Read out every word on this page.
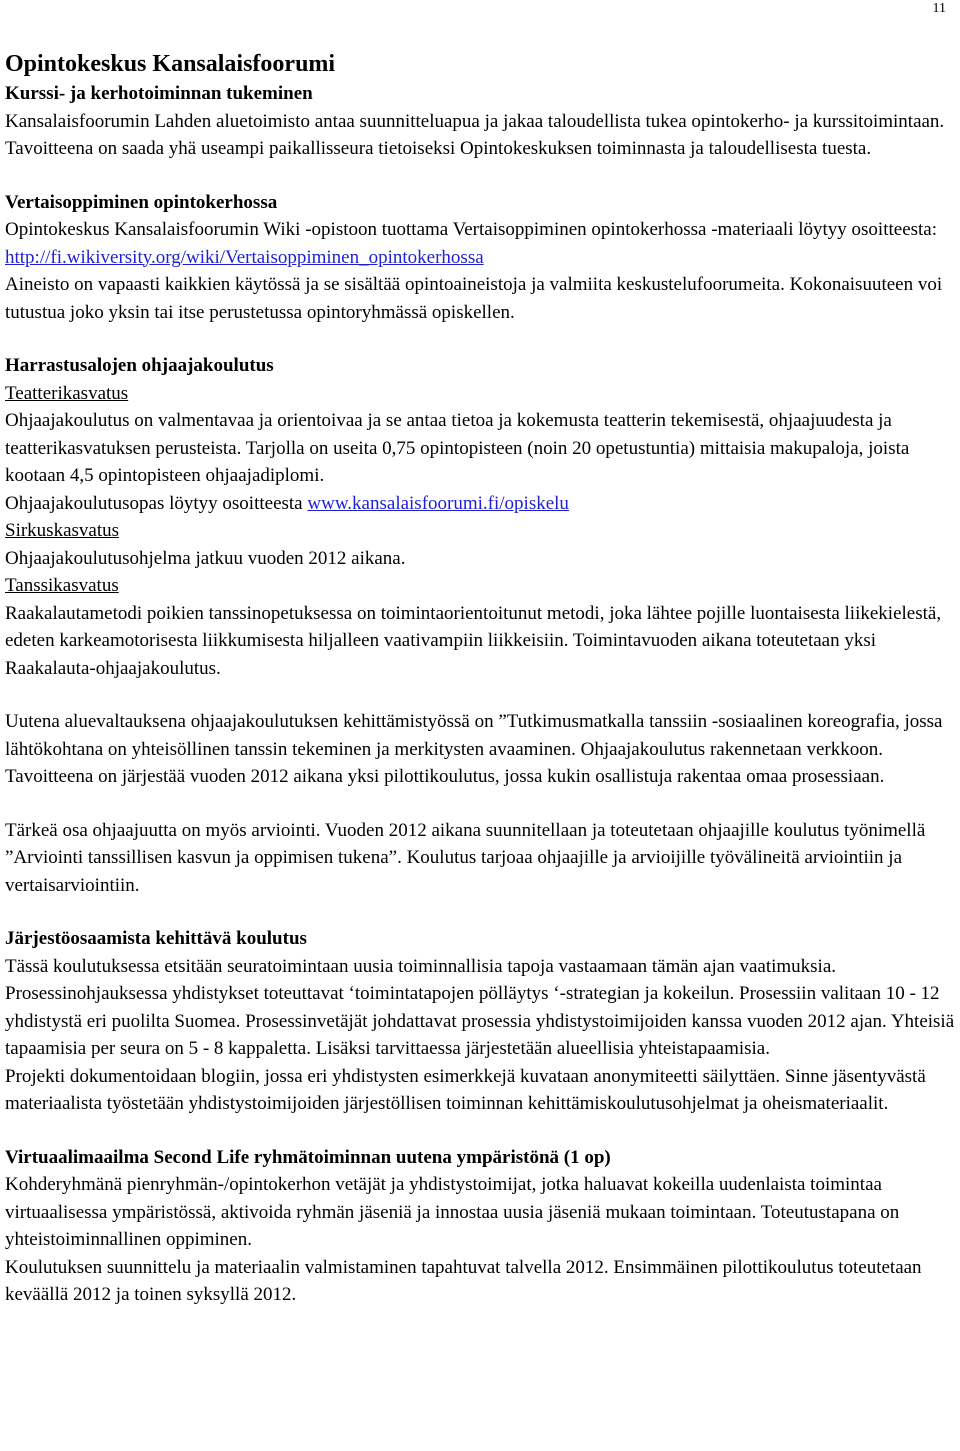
11
Opintokeskus Kansalaisfoorumi

Kurssi- ja kerhotoiminnan tukeminen

Kansalaisfoorumin Lahden aluetoimisto antaa suunnitteluapua ja jakaa taloudellista tukea opintokerho- ja kurssitoimintaan. Tavoitteena on saada yhä useampi paikallisseura tietoiseksi Opintokeskuksen toiminnasta ja taloudellisesta tuesta.

Vertaisoppiminen opintokerhossa

Opintokeskus Kansalaisfoorumin Wiki -opistoon tuottama Vertaisoppiminen opintokerhossa -materiaali löytyy osoitteesta: http://fi.wikiversity.org/wiki/Vertaisoppiminen_opintokerhossa

Aineisto on vapaasti kaikkien käytössä ja se sisältää opintoaineistoja ja valmiita keskustelufoorumeita. Kokonaisuuteen voi tutustua joko yksin tai itse perustetussa opintoryhmässä opiskellen.

Harrastusalojen ohjaajakoulutus

Teatterikasvatus

Ohjaajakoulutus on valmentavaa ja orientoivaa ja se antaa tietoa ja kokemusta teatterin tekemisestä, ohjaajuudesta ja teatterikasvatuksen perusteista. Tarjolla on useita 0,75 opintopisteen (noin 20 opetustuntia) mittaisia makupaloja, joista kootaan 4,5 opintopisteen ohjaajadiplomi.

Ohjaajakoulutusopas löytyy osoitteesta www.kansalaisfoorumi.fi/opiskelu

Sirkuskasvatus

Ohjaajakoulutusohjelma jatkuu vuoden 2012 aikana.

Tanssikasvatus

Raakalautametodi poikien tanssinopetuksessa on toimintaorientoitunut metodi, joka lähtee pojille luontaisesta liikekielestä, edeten karkeamotorisesta liikkumisesta hiljalleen vaativampiin liikkeisiin. Toimintavuoden aikana toteutetaan yksi Raakalauta-ohjaajakoulutus.

Uutena aluevaltauksena ohjaajakoulutuksen kehittämistyössä on ”Tutkimusmatkalla tanssiin -sosiaalinen koreografia, jossa lähtökohtana on yhteisöllinen tanssin tekeminen ja merkitysten avaaminen. Ohjaajakoulutus rakennetaan verkkoon. Tavoitteena on järjestää vuoden 2012 aikana yksi pilottikoulutus, jossa kukin osallistuja rakentaa omaa prosessiaan.

Tärkeä osa ohjaajuutta on myös arviointi. Vuoden 2012 aikana suunnitellaan ja toteutetaan ohjaajille koulutus työnimellä ”Arviointi tanssillisen kasvun ja oppimisen tukena”. Koulutus tarjoaa ohjaajille ja arvioijille työvälineitä arviointiin ja vertaisarviointiin.

Järjestöosaamista kehittävä koulutus

Tässä koulutuksessa etsitään seuratoimintaan uusia toiminnallisia tapoja vastaamaan tämän ajan vaatimuksia. Prosessinohjauksessa yhdistykset toteuttavat ‘toimintatapojen pölläytys ‘-strategian ja kokeilun. Prosessiin valitaan 10 - 12 yhdistystä eri puolilta Suomea. Prosessinvetäjät johdattavat prosessia yhdistystoimijoiden kanssa vuoden 2012 ajan. Yhteisiä tapaamisia per seura on 5 - 8 kappaletta. Lisäksi tarvittaessa järjestetään alueellisia yhteistapaamisia.

Projekti dokumentoidaan blogiin, jossa eri yhdistysten esimerkkejä kuvataan anonymiteetti säilyttäen. Sinne jäsentyvästä materiaalista työstetään yhdistystoimijoiden järjestöllisen toiminnan kehittämiskoulutusohjelmat ja oheismateriaalit.

Virtuaalimaailma Second Life ryhmätoiminnan uutena ympäristönä (1 op)

Kohderyhmänä pienryhmän-/opintokerhon vetäjät ja yhdistystoimijat, jotka haluavat kokeilla uudenlaista toimintaa virtuaalisessa ympäristössä, aktivoida ryhmän jäseniä ja innostaa uusia jäseniä mukaan toimintaan. Toteutustapana on yhteistoiminnallinen oppiminen.

Koulutuksen suunnittelu ja materiaalin valmistaminen tapahtuvat talvella 2012. Ensimmäinen pilottikoulutus toteutetaan keväällä 2012 ja toinen syksyllä 2012.
